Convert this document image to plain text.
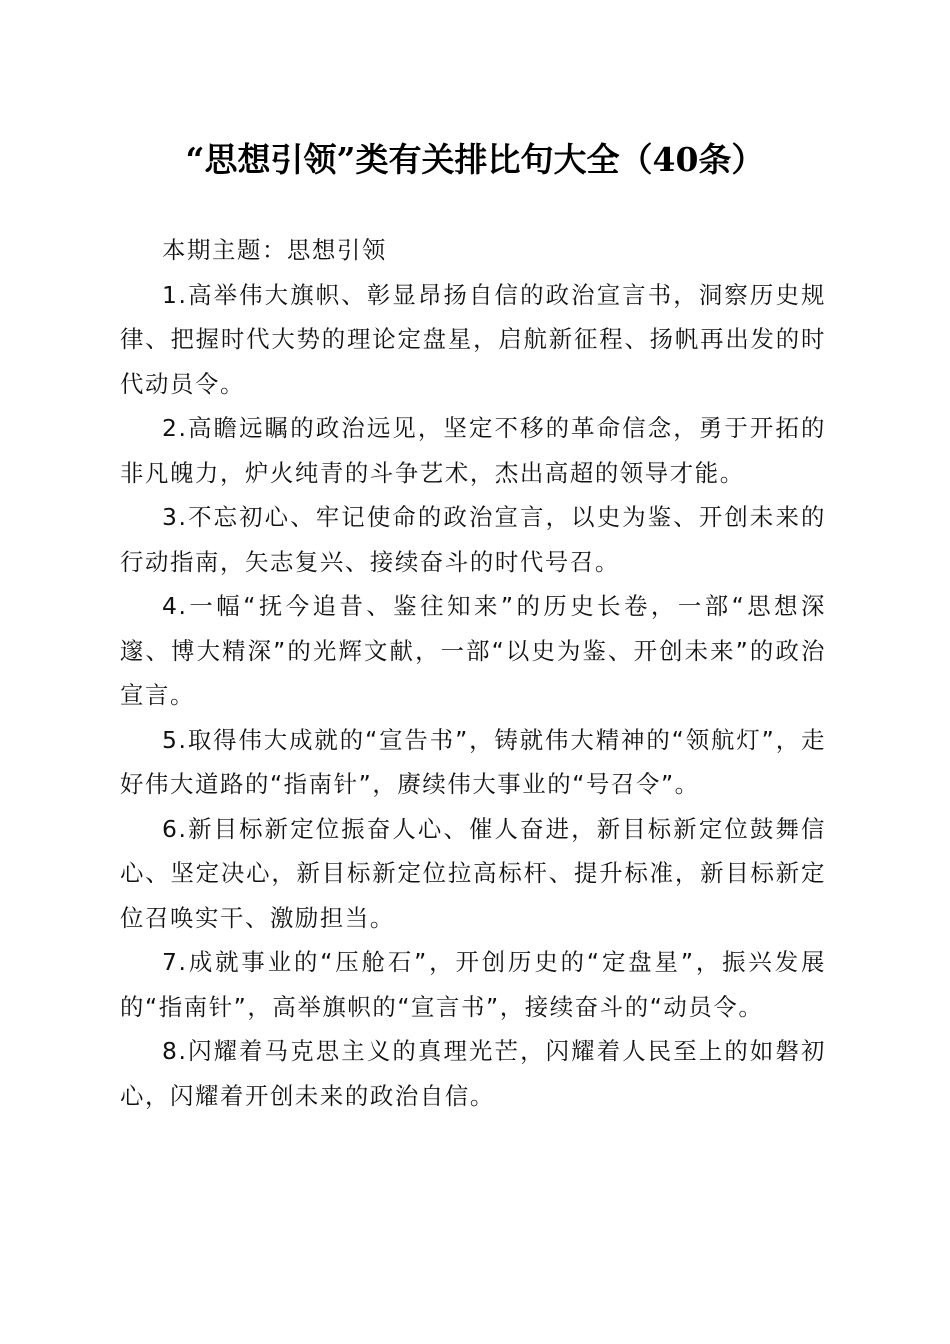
“思想引领”类有关排比句大全（40条）

本期主题：思想引领

1.高举伟大旗帜、彰显昂扬自信的政治宣言书，洞察历史规律、把握时代大势的理论定盘星，启航新征程、扬帆再出发的时代动员令。

2.高瞻远瞩的政治远见，坚定不移的革命信念，勇于开拓的非凡魄力，炉火纯青的斗争艺术，杰出高超的领导才能。

3.不忘初心、牢记使命的政治宣言，以史为鉴、开创未来的行动指南，矢志复兴、接续奋斗的时代号召。

4.一幅“抚今追昔、鉴往知来”的历史长卷，一部“思想深邃、博大精深”的光辉文献，一部“以史为鉴、开创未来”的政治宣言。

5.取得伟大成就的“宣告书”，铸就伟大精神的“领航灯”，走好伟大道路的“指南针”，赓续伟大事业的“号召令”。

6.新目标新定位振奋人心、催人奋进，新目标新定位鼓舞信心、坚定决心，新目标新定位拉高标杆、提升标准，新目标新定位召唤实干、激励担当。

7.成就事业的“压舱石”，开创历史的“定盘星”，振兴发展的“指南针”，高举旗帜的“宣言书”，接续奋斗的“动员令。

8.闪耀着马克思主义的真理光芒，闪耀着人民至上的如磐初心，闪耀着开创未来的政治自信。
